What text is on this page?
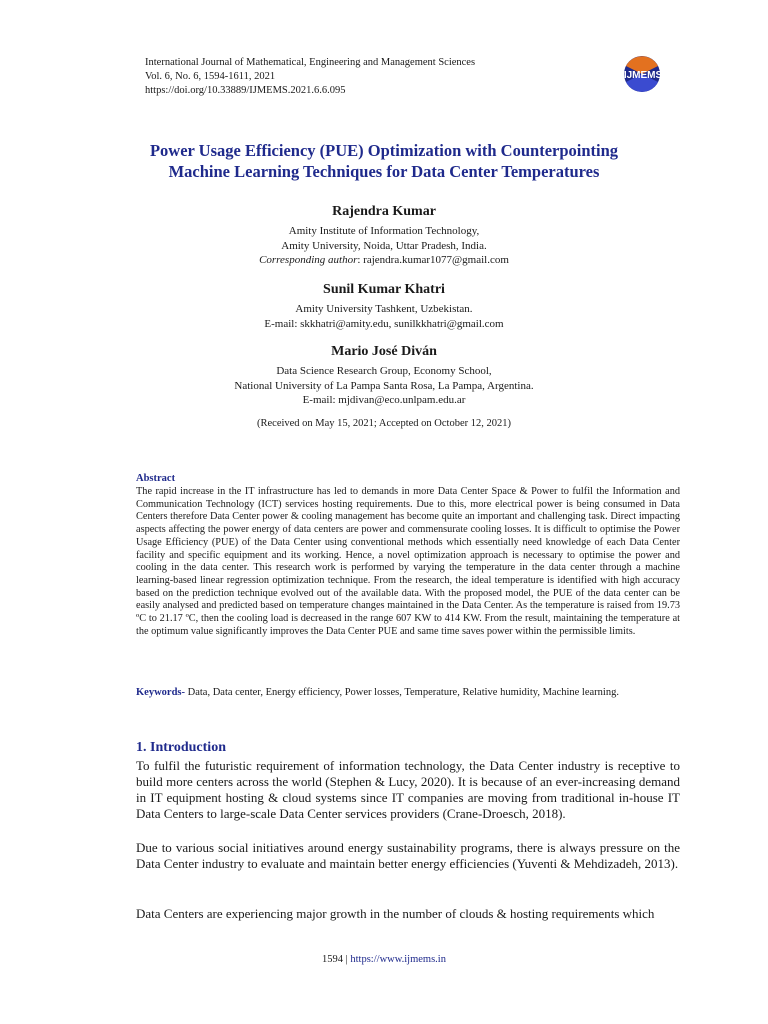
International Journal of Mathematical, Engineering and Management Sciences
Vol. 6, No. 6, 1594-1611, 2021
https://doi.org/10.33889/IJMEMS.2021.6.6.095
IJMEMS
Power Usage Efficiency (PUE) Optimization with Counterpointing
Machine Learning Techniques for Data Center Temperatures
Rajendra Kumar
Amity Institute of Information Technology,
Amity University, Noida, Uttar Pradesh, India.
Corresponding author: rajendra.kumar1077@gmail.com
Sunil Kumar Khatri
Amity University Tashkent, Uzbekistan.
E-mail: skkhatri@amity.edu, sunilkkhatri@gmail.com
Mario José Diván
Data Science Research Group, Economy School,
National University of La Pampa Santa Rosa, La Pampa, Argentina.
E-mail: mjdivan@eco.unlpam.edu.ar
(Received on May 15, 2021; Accepted on October 12, 2021)
Abstract
The rapid increase in the IT infrastructure has led to demands in more Data Center Space & Power to fulfil the Information and Communication Technology (ICT) services hosting requirements. Due to this, more electrical power is being consumed in Data Centers therefore Data Center power & cooling management has become quite an important and challenging task. Direct impacting aspects affecting the power energy of data centers are power and commensurate cooling losses. It is difficult to optimise the Power Usage Efficiency (PUE) of the Data Center using conventional methods which essentially need knowledge of each Data Center facility and specific equipment and its working. Hence, a novel optimization approach is necessary to optimise the power and cooling in the data center. This research work is performed by varying the temperature in the data center through a machine learning-based linear regression optimization technique. From the research, the ideal temperature is identified with high accuracy based on the prediction technique evolved out of the available data. With the proposed model, the PUE of the data center can be easily analysed and predicted based on temperature changes maintained in the Data Center. As the temperature is raised from 19.73 ºC to 21.17 ºC, then the cooling load is decreased in the range 607 KW to 414 KW. From the result, maintaining the temperature at the optimum value significantly improves the Data Center PUE and same time saves power within the permissible limits.
Keywords- Data, Data center, Energy efficiency, Power losses, Temperature, Relative humidity, Machine learning.
1. Introduction
To fulfil the futuristic requirement of information technology, the Data Center industry is receptive to build more centers across the world (Stephen & Lucy, 2020). It is because of an ever-increasing demand in IT equipment hosting & cloud systems since IT companies are moving from traditional in-house IT Data Centers to large-scale Data Center services providers (Crane-Droesch, 2018).
Due to various social initiatives around energy sustainability programs, there is always pressure on the Data Center industry to evaluate and maintain better energy efficiencies (Yuventi & Mehdizadeh, 2013).
Data Centers are experiencing major growth in the number of clouds & hosting requirements which
1594 | https://www.ijmems.in
